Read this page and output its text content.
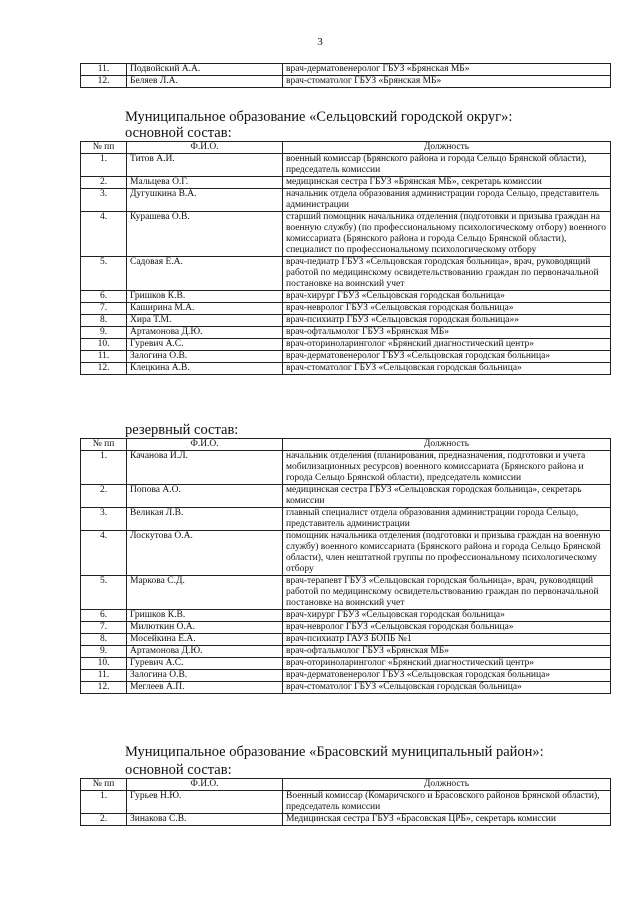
3
11.	Подвойский А.А.	врач-дерматовенеролог ГБУЗ «Брянская МБ»
12.	Беляев Л.А.	врач-стоматолог ГБУЗ «Брянская МБ»
Муниципальное образование «Сельцовский городской округ»:
основной состав:
№ пп	Ф.И.О.	Должность
1.	Титов А.И.	военный комиссар (Брянского района и города Сельцо Брянской области), председатель комиссии
2.	Мальцева О.Г.	медицинская сестра ГБУЗ «Брянская МБ», секретарь комиссии
3.	Дугушкина В.А.	начальник отдела образования администрации города Сельцо, представитель администрации
4.	Курашева О.В.	старший помощник начальника отделения (подготовки и призыва граждан на военную службу) (по профессиональному психологическому отбору) военного комиссариата (Брянского района и города Сельцо Брянской области), специалист по профессиональному психологическому отбору
5.	Садовая Е.А.	врач-педиатр ГБУЗ «Сельцовская городская больница», врач, руководящий работой по медицинскому освидетельствованию граждан по первоначальной постановке на воинский учет
6.	Гришков К.В.	врач-хирург ГБУЗ «Сельцовская городская больница»
7.	Каширина М.А.	врач-невролог ГБУЗ «Сельцовская городская больница»
8.	Хира Т.М.	врач-психиатр ГБУЗ «Сельцовская городская больница»»
9.	Артамонова Д.Ю.	врач-офтальмолог ГБУЗ «Брянская МБ»
10.	Гуревич А.С.	врач-оториноларинголог «Брянский диагностический центр»
11.	Залогина О.В.	врач-дерматовенеролог ГБУЗ «Сельцовская городская больница»
12.	Клецкина А.В.	врач-стоматолог ГБУЗ «Сельцовская городская больница»
резервный состав:
№ пп	Ф.И.О.	Должность
1.	Качанова И.Л.	начальник отделения (планирования, предназначения, подготовки и учета мобилизационных ресурсов) военного комиссариата (Брянского района и города Сельцо Брянской области), председатель комиссии
2.	Попова А.О.	медицинская сестра ГБУЗ «Сельцовская городская больница», секретарь комиссии
3.	Великая Л.В.	главный специалист отдела образования администрации города Сельцо, представитель администрации
4.	Лоскутова О.А.	помощник начальника отделения (подготовки и призыва граждан на военную службу) военного комиссариата (Брянского района и города Сельцо Брянской области), член нештатной группы по профессиональному психологическому отбору
5.	Маркова С.Д.	врач-терапевт ГБУЗ «Сельцовская городская больница», врач, руководящий работой по медицинскому освидетельствованию граждан по первоначальной постановке на воинский учет
6.	Гришков К.В.	врач-хирург ГБУЗ «Сельцовская городская больница»
7.	Милюткин О.А.	врач-невролог ГБУЗ «Сельцовская городская больница»
8.	Мосейкина Е.А.	врач-психиатр ГАУЗ БОПБ №1
9.	Артамонова Д.Ю.	врач-офтальмолог ГБУЗ «Брянская МБ»
10.	Гуревич А.С.	врач-оториноларинголог «Брянский диагностический центр»
11.	Залогина О.В.	врач-дерматовенеролог ГБУЗ «Сельцовская городская больница»
12.	Меглеев А.П.	врач-стоматолог ГБУЗ «Сельцовская городская больница»
Муниципальное образование «Брасовский муниципальный район»:
основной состав:
№ пп	Ф.И.О.	Должность
1.	Гурьев Н.Ю.	Военный комиссар (Комаричского и Брасовского районов Брянской области), председатель комиссии
2.	Зинакова С.В.	Медицинская сестра ГБУЗ «Брасовская ЦРБ», секретарь комиссии
